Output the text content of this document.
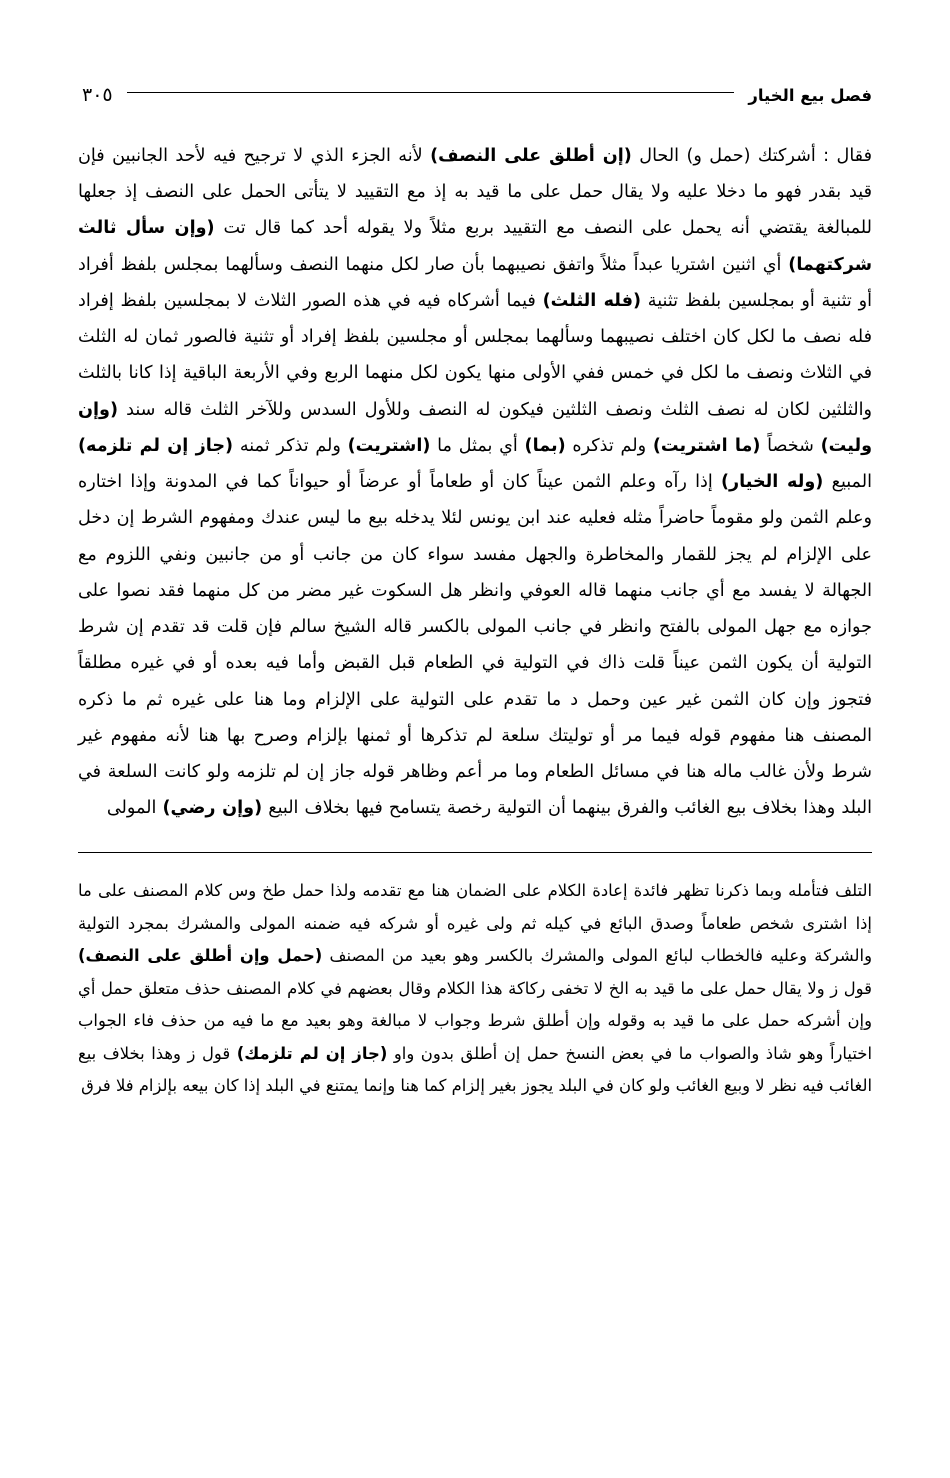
فصل بيع الخيار
٣٠٥
فقال : أشركتك (حمل و) الحال (إن أطلق على النصف) لأنه الجزء الذي لا ترجيح فيه لأحد الجانبين فإن قيد بقدر فهو ما دخلا عليه ولا يقال حمل على ما قيد به إذ مع التقييد لا يتأتى الحمل على النصف إذ جعلها للمبالغة يقتضي أنه يحمل على النصف مع التقييد بربع مثلاً ولا يقوله أحد كما قال تت (وإن سأل ثالث شركتهما) أي اثنين اشتريا عبداً مثلاً واتفق نصيبهما بأن صار لكل منهما النصف وسألهما بمجلس بلفظ أفراد أو تثنية أو بمجلسين بلفظ تثنية (فله الثلث) فيما أشركاه فيه في هذه الصور الثلاث لا بمجلسين بلفظ إفراد فله نصف ما لكل كان اختلف نصيبهما وسألهما بمجلس أو مجلسين بلفظ إفراد أو تثنية فالصور ثمان له الثلث في الثلاث ونصف ما لكل في خمس ففي الأولى منها يكون لكل منهما الربع وفي الأربعة الباقية إذا كانا بالثلث والثلثين لكان له نصف الثلث ونصف الثلثين فيكون له النصف وللأول السدس وللآخر الثلث قاله سند (وإن وليت) شخصاً (ما اشتريت) ولم تذكره (بما) أي بمثل ما (اشتريت) ولم تذكر ثمنه (جاز إن لم تلزمه) المبيع (وله الخيار) إذا رآه وعلم الثمن عيناً كان أو طعاماً أو عرضاً أو حيواناً كما في المدونة وإذا اختاره وعلم الثمن ولو مقوماً حاضراً مثله فعليه عند ابن يونس لئلا يدخله بيع ما ليس عندك ومفهوم الشرط إن دخل على الإلزام لم يجز للقمار والمخاطرة والجهل مفسد سواء كان من جانب أو من جانبين ونفي اللزوم مع الجهالة لا يفسد مع أي جانب منهما قاله العوفي وانظر هل السكوت غير مضر من كل منهما فقد نصوا على جوازه مع جهل المولى بالفتح وانظر في جانب المولى بالكسر قاله الشيخ سالم فإن قلت قد تقدم إن شرط التولية أن يكون الثمن عيناً قلت ذاك في التولية في الطعام قبل القبض وأما فيه بعده أو في غيره مطلقاً فتجوز وإن كان الثمن غير عين وحمل د ما تقدم على التولية على الإلزام وما هنا على غيره ثم ما ذكره المصنف هنا مفهوم قوله فيما مر أو توليتك سلعة لم تذكرها أو ثمنها بإلزام وصرح بها هنا لأنه مفهوم غير شرط ولأن غالب ماله هنا في مسائل الطعام وما مر أعم وظاهر قوله جاز إن لم تلزمه ولو كانت السلعة في البلد وهذا بخلاف بيع الغائب والفرق بينهما أن التولية رخصة يتسامح فيها بخلاف البيع (وإن رضي) المولى
التلف فتأمله وبما ذكرنا تظهر فائدة إعادة الكلام على الضمان هنا مع تقدمه ولذا حمل طخ وس كلام المصنف على ما إذا اشترى شخص طعاماً وصدق البائع في كيله ثم ولى غيره أو شركه فيه ضمنه المولى والمشرك بمجرد التولية والشركة وعليه فالخطاب لبائع المولى والمشرك بالكسر وهو بعيد من المصنف (حمل وإن أطلق على النصف) قول ز ولا يقال حمل على ما قيد به الخ لا تخفى ركاكة هذا الكلام وقال بعضهم في كلام المصنف حذف متعلق حمل أي وإن أشركه حمل على ما قيد به وقوله وإن أطلق شرط وجواب لا مبالغة وهو بعيد مع ما فيه من حذف فاء الجواب اختياراً وهو شاذ والصواب ما في بعض النسخ حمل إن أطلق بدون واو (جاز إن لم تلزمك) قول ز وهذا بخلاف بيع الغائب فيه نظر لا وبيع الغائب ولو كان في البلد يجوز بغير إلزام كما هنا وإنما يمتنع في البلد إذا كان بيعه بإلزام فلا فرق
